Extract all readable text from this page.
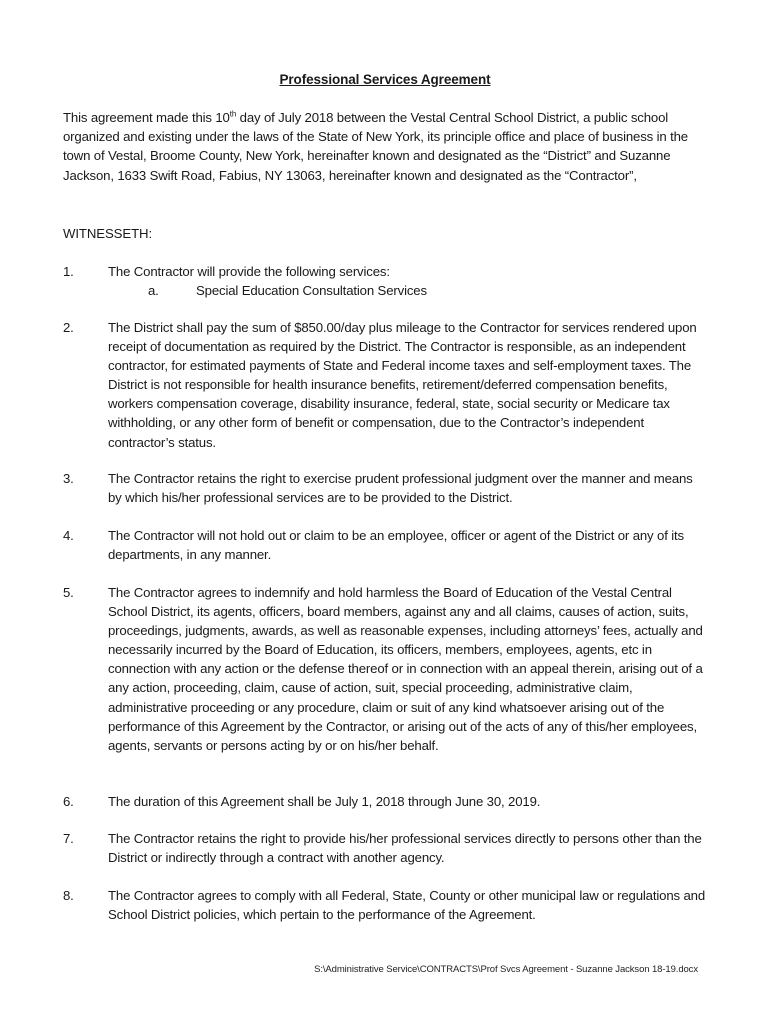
Professional Services Agreement

This agreement made this 10th day of July 2018 between the Vestal Central School District, a public school organized and existing under the laws of the State of New York, its principle office and place of business in the town of Vestal, Broome County, New York, hereinafter known and designated as the “District” and Suzanne Jackson, 1633 Swift Road, Fabius, NY 13063, hereinafter known and designated as the “Contractor”,

WITNESSETH:
1.	The Contractor will provide the following services:
a.	Special Education Consultation Services
2.	The District shall pay the sum of $850.00/day plus mileage to the Contractor for services rendered upon receipt of documentation as required by the District. The Contractor is responsible, as an independent contractor, for estimated payments of State and Federal income taxes and self-employment taxes. The District is not responsible for health insurance benefits, retirement/deferred compensation benefits, workers compensation coverage, disability insurance, federal, state, social security or Medicare tax withholding, or any other form of benefit or compensation, due to the Contractor’s independent contractor’s status.
3.	The Contractor retains the right to exercise prudent professional judgment over the manner and means by which his/her professional services are to be provided to the District.
4.	The Contractor will not hold out or claim to be an employee, officer or agent of the District or any of its departments, in any manner.
5.	The Contractor agrees to indemnify and hold harmless the Board of Education of the Vestal Central School District, its agents, officers, board members, against any and all claims, causes of action, suits, proceedings, judgments, awards, as well as reasonable expenses, including attorneys’ fees, actually and necessarily incurred by the Board of Education, its officers, members, employees, agents, etc in connection with any action or the defense thereof or in connection with an appeal therein, arising out of a any action, proceeding, claim, cause of action, suit, special proceeding, administrative claim, administrative proceeding or any procedure, claim or suit of any kind whatsoever arising out of the performance of this Agreement by the Contractor, or arising out of the acts of any of this/her employees, agents, servants or persons acting by or on his/her behalf.
6.	The duration of this Agreement shall be July 1, 2018 through June 30, 2019.
7.	The Contractor retains the right to provide his/her professional services directly to persons other than the District or indirectly through a contract with another agency.
8.	The Contractor agrees to comply with all Federal, State, County or other municipal law or regulations and School District policies, which pertain to the performance of the Agreement.
S:\Administrative Service\CONTRACTS\Prof Svcs Agreement - Suzanne Jackson 18-19.docx
